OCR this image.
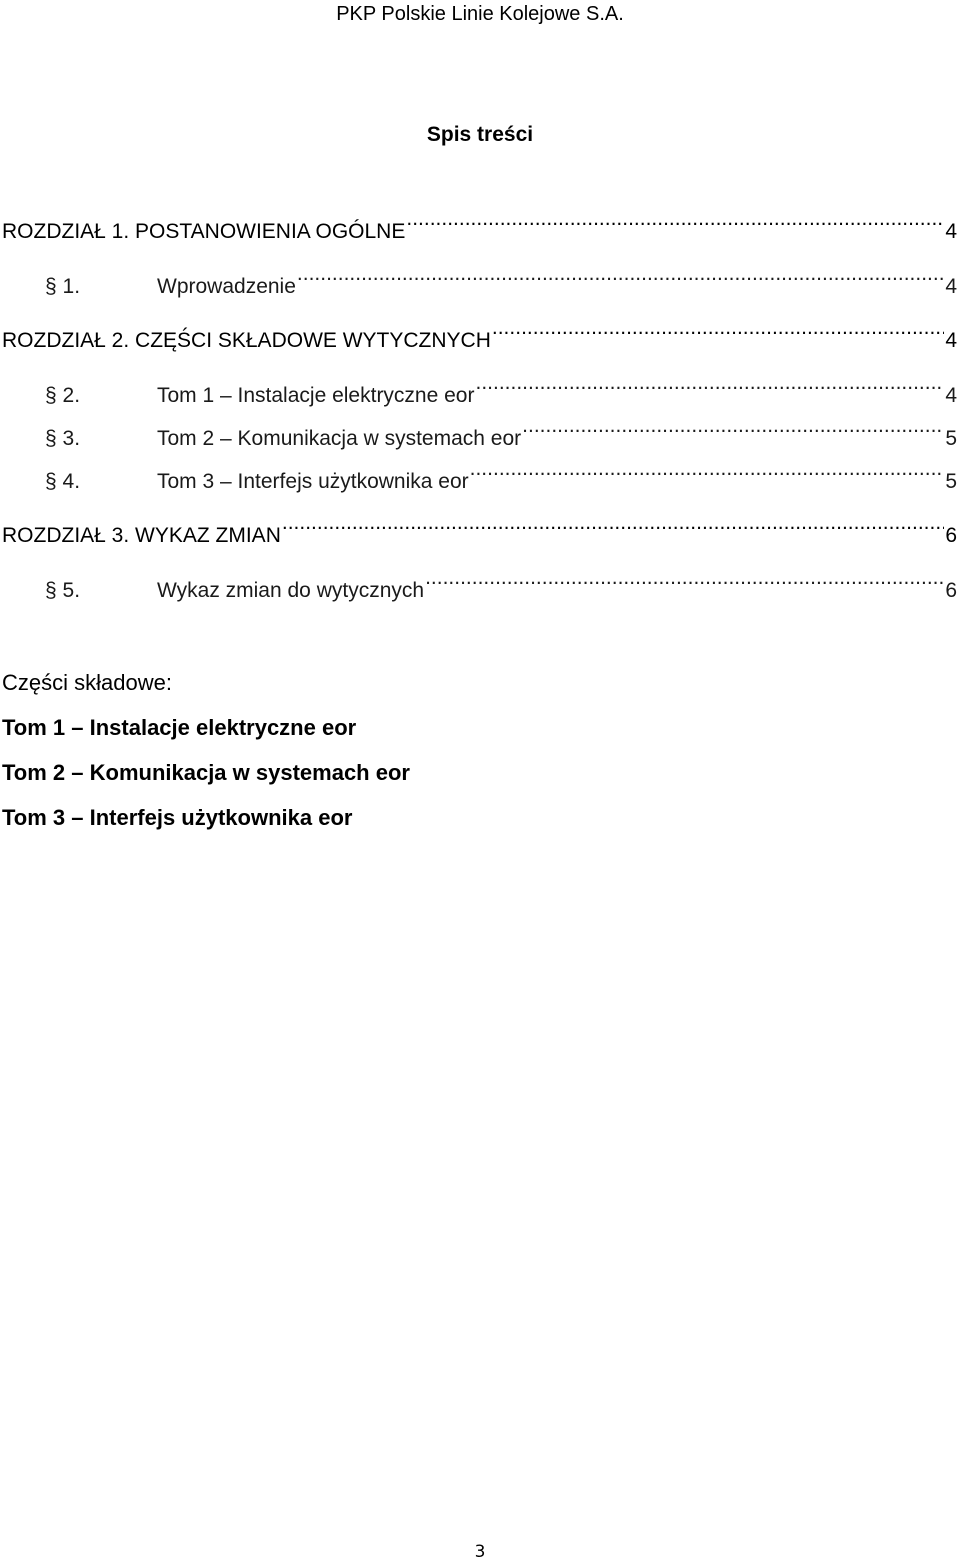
PKP Polskie Linie Kolejowe S.A.
Spis treści
ROZDZIAŁ 1. POSTANOWIENIA OGÓLNE .....	4
§ 1.	Wprowadzenie .....	4
ROZDZIAŁ 2. CZĘŚCI SKŁADOWE WYTYCZNYCH .....	4
§ 2.	Tom 1 – Instalacje elektryczne eor .....	4
§ 3.	Tom 2 – Komunikacja w systemach eor .....	5
§ 4.	Tom 3 – Interfejs użytkownika eor .....	5
ROZDZIAŁ 3. WYKAZ ZMIAN .....	6
§ 5.	Wykaz zmian do wytycznych .....	6
Części składowe:
Tom 1 – Instalacje elektryczne eor
Tom 2 – Komunikacja w systemach eor
Tom 3 – Interfejs użytkownika eor
3
